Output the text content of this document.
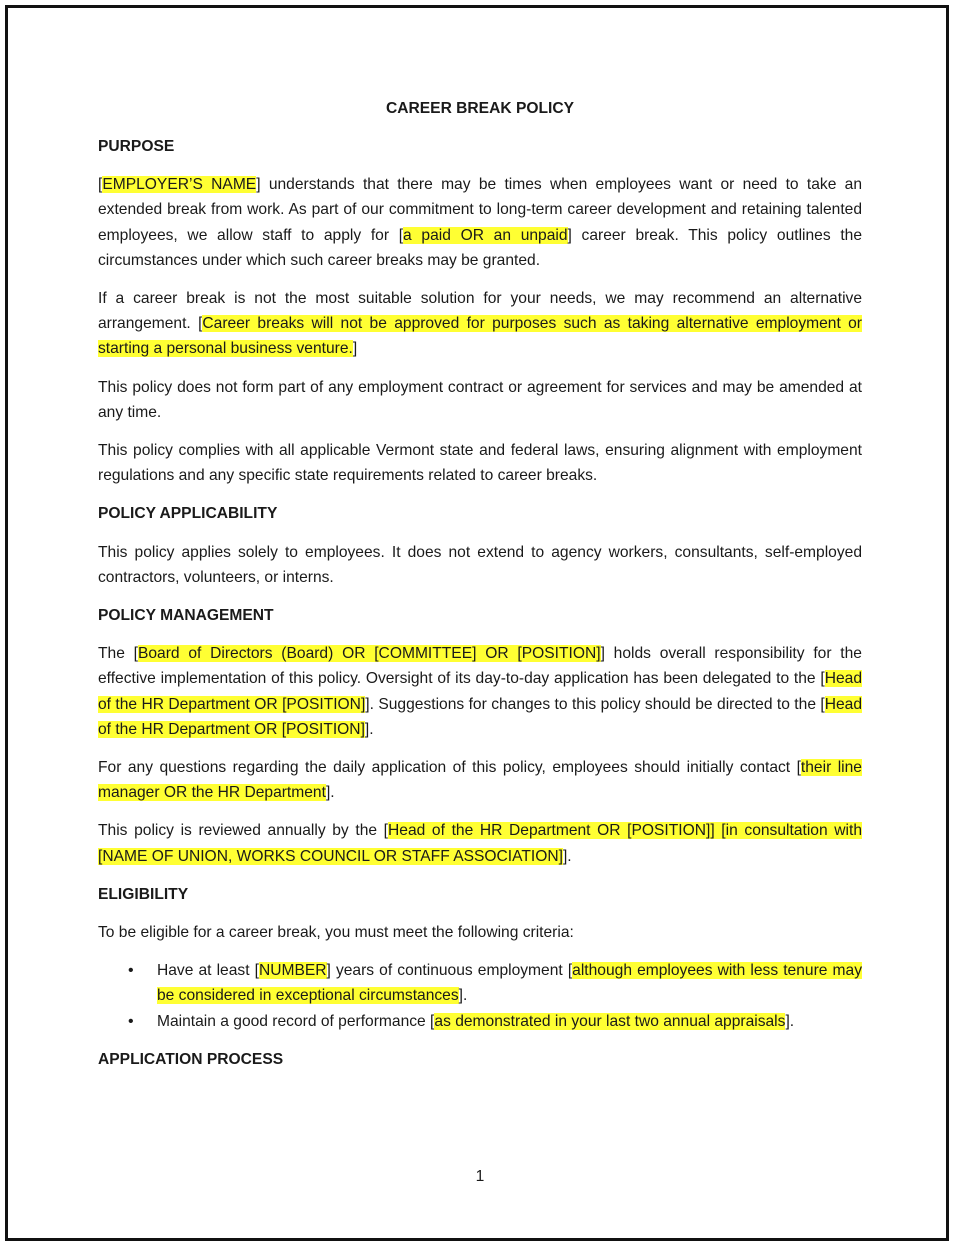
CAREER BREAK POLICY
PURPOSE

[EMPLOYER’S NAME] understands that there may be times when employees want or need to take an extended break from work. As part of our commitment to long-term career development and retaining talented employees, we allow staff to apply for [a paid OR an unpaid] career break. This policy outlines the circumstances under which such career breaks may be granted.

If a career break is not the most suitable solution for your needs, we may recommend an alternative arrangement. [Career breaks will not be approved for purposes such as taking alternative employment or starting a personal business venture.]

This policy does not form part of any employment contract or agreement for services and may be amended at any time.

This policy complies with all applicable Vermont state and federal laws, ensuring alignment with employment regulations and any specific state requirements related to career breaks.

POLICY APPLICABILITY

This policy applies solely to employees. It does not extend to agency workers, consultants, self-employed contractors, volunteers, or interns.

POLICY MANAGEMENT

The [Board of Directors (Board) OR [COMMITTEE] OR [POSITION]] holds overall responsibility for the effective implementation of this policy. Oversight of its day-to-day application has been delegated to the [Head of the HR Department OR [POSITION]]. Suggestions for changes to this policy should be directed to the [Head of the HR Department OR [POSITION]].

For any questions regarding the daily application of this policy, employees should initially contact [their line manager OR the HR Department].

This policy is reviewed annually by the [Head of the HR Department OR [POSITION]] [in consultation with [NAME OF UNION, WORKS COUNCIL OR STAFF ASSOCIATION]].

ELIGIBILITY

To be eligible for a career break, you must meet the following criteria:

• Have at least [NUMBER] years of continuous employment [although employees with less tenure may be considered in exceptional circumstances].
• Maintain a good record of performance [as demonstrated in your last two annual appraisals].
APPLICATION PROCESS
1
